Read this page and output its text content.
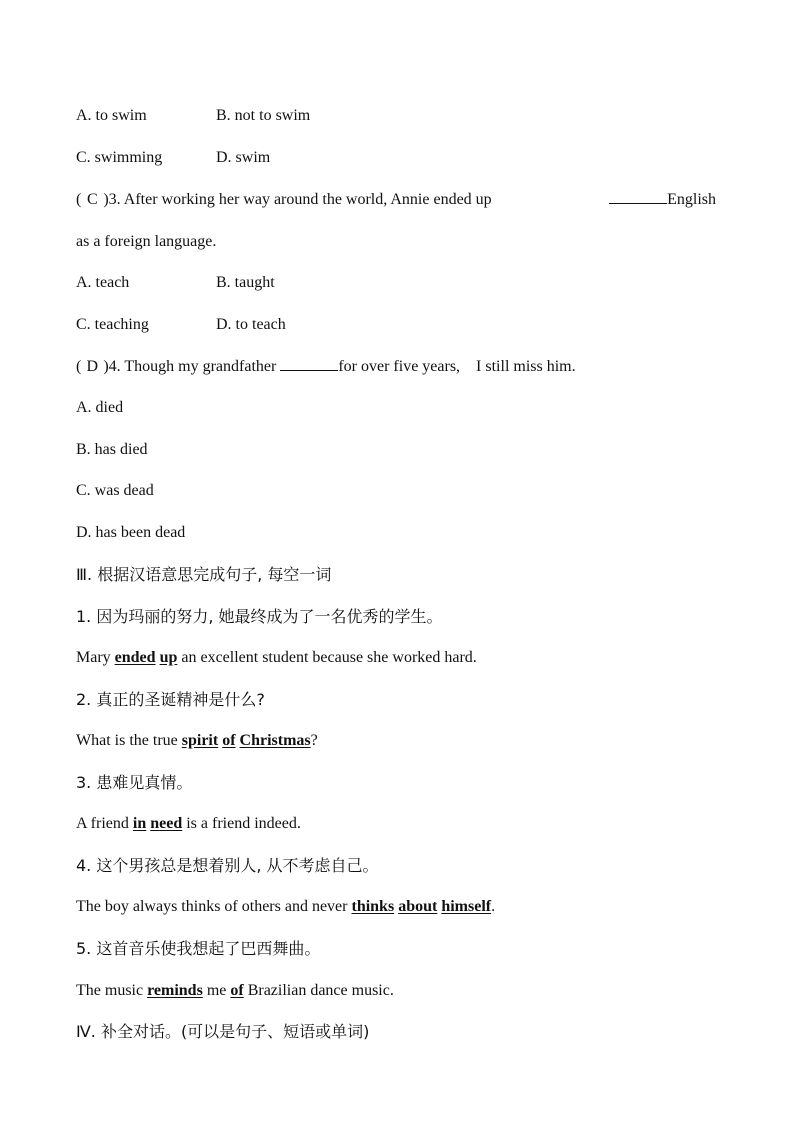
A. to swim	B. not to swim
C. swimming	D. swim
( C )3. After working her way around the world, Annie ended up	English
as a foreign language.
A. teach	B. taught
C. teaching	D. to teach
( D )4. Though my grandfather	for over five years,　I still miss him.
A. died
B. has died
C. was dead
D. has been dead
Ⅲ. 根据汉语意思完成句子, 每空一词
1. 因为玛丽的努力, 她最终成为了一名优秀的学生。
Mary ended up an excellent student because she worked hard.
2. 真正的圣诞精神是什么?
What is the true spirit of Christmas?
3. 患难见真情。
A friend in need is a friend indeed.
4. 这个男孩总是想着别人, 从不考虑自己。
The boy always thinks of others and never thinks about himself.
5. 这首音乐使我想起了巴西舞曲。
The music reminds me of Brazilian dance music.
Ⅳ. 补全对话。(可以是句子、短语或单词)
